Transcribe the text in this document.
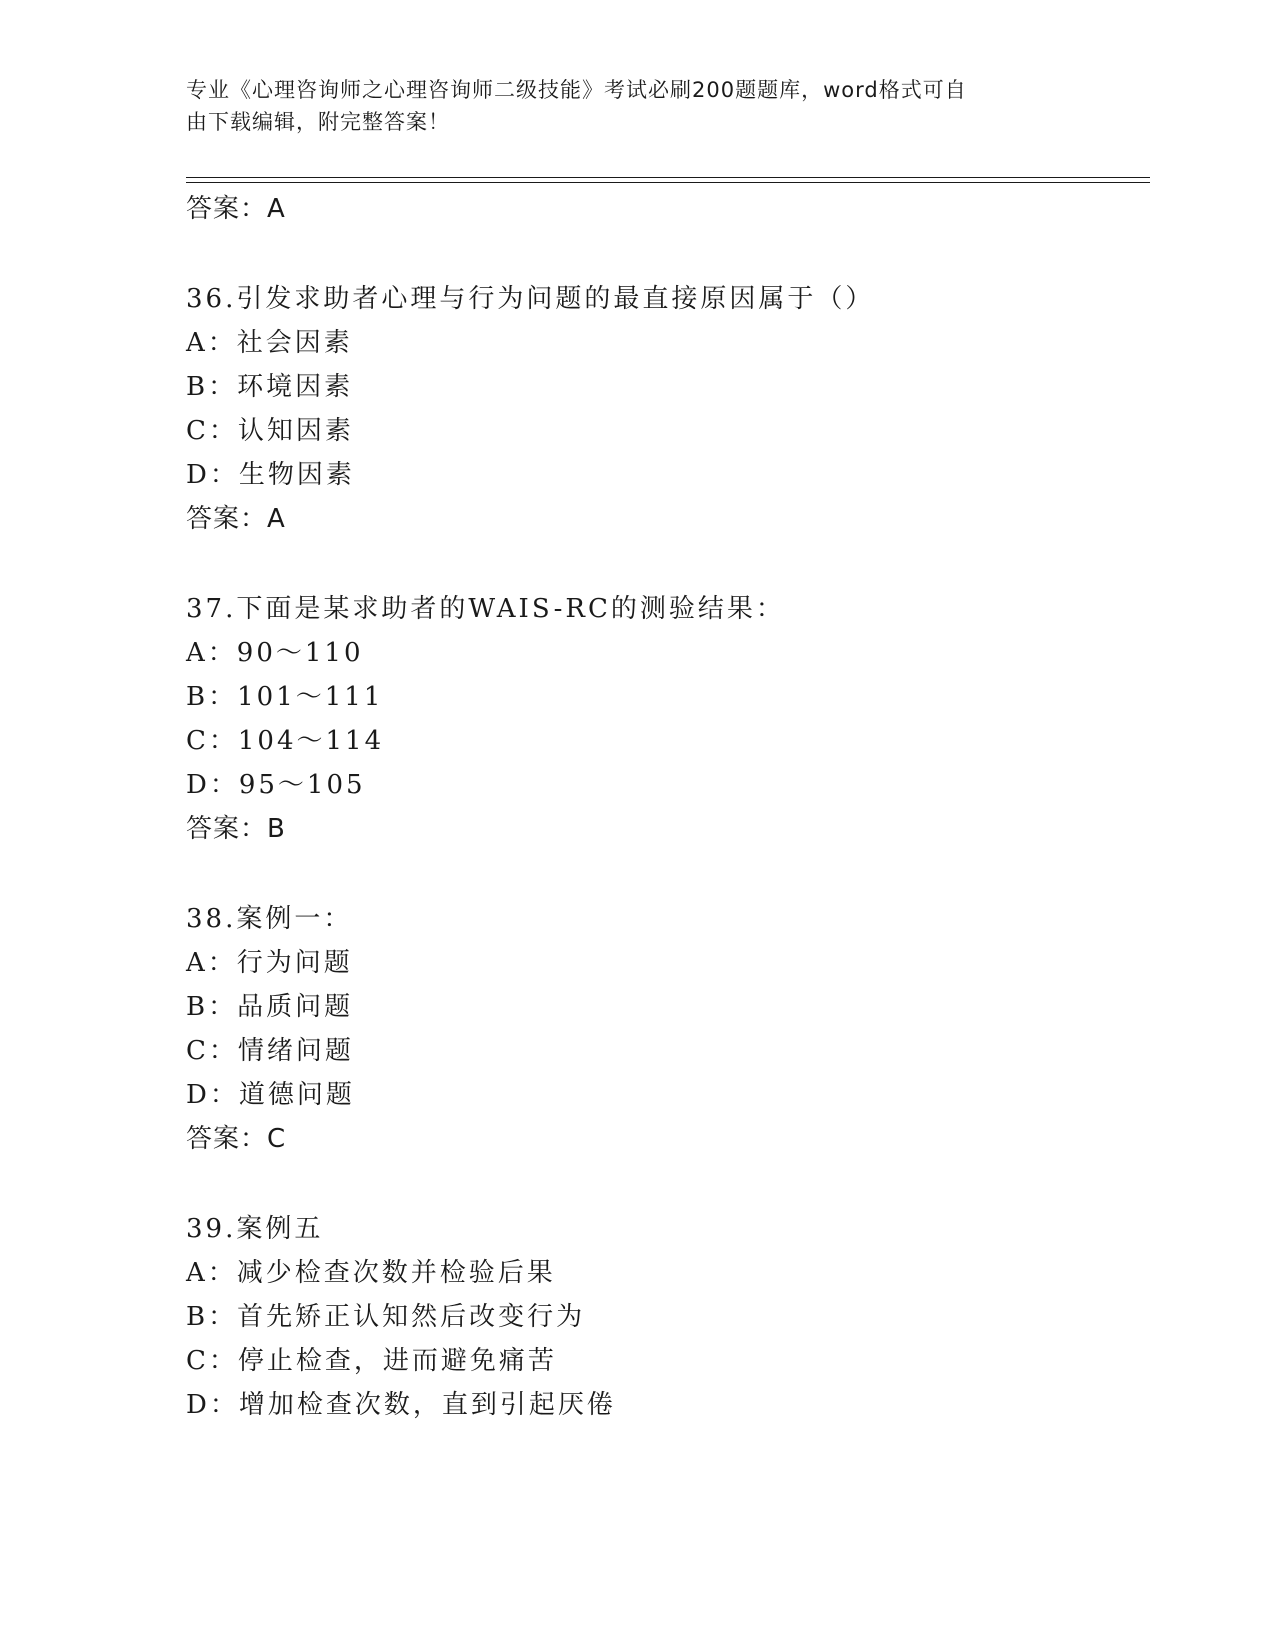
专业《心理咨询师之心理咨询师二级技能》考试必刷200题题库，word格式可自
由下载编辑，附完整答案！
答案：A
36.引发求助者心理与行为问题的最直接原因属于（）
A：社会因素
B：环境因素
C：认知因素
D：生物因素
答案：A
37.下面是某求助者的WAIS-RC的测验结果：
A：90～110
B：101～111
C：104～114
D：95～105
答案：B
38.案例一：
A：行为问题
B：品质问题
C：情绪问题
D：道德问题
答案：C
39.案例五
A：减少检查次数并检验后果
B：首先矫正认知然后改变行为
C：停止检查，进而避免痛苦
D：增加检查次数，直到引起厌倦
